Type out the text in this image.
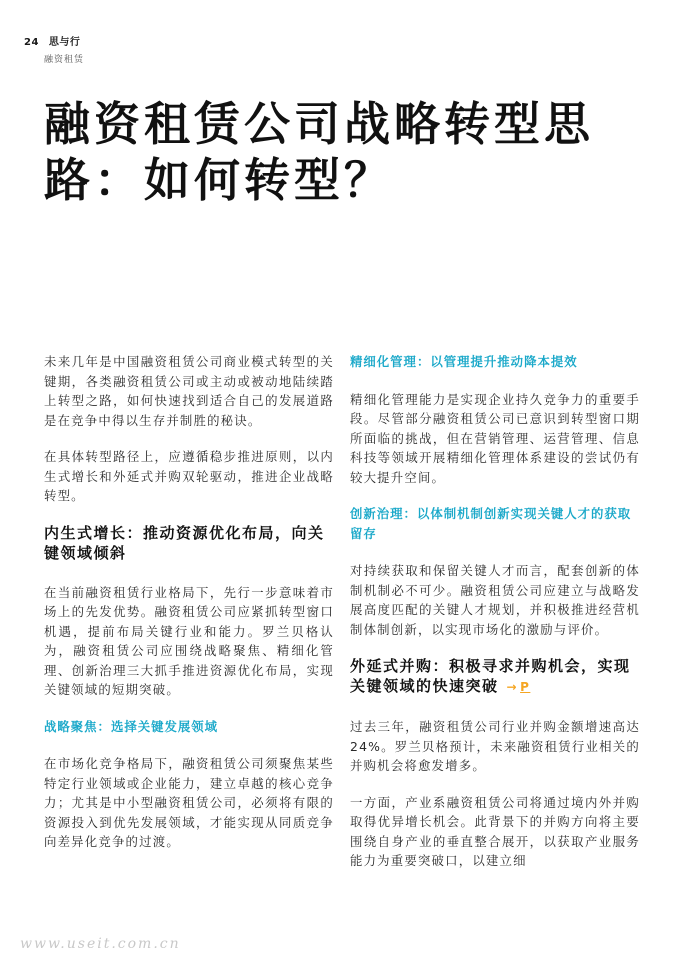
24 思与行
融资租赁
融资租赁公司战略转型思路：如何转型？

未来几年是中国融资租赁公司商业模式转型的关键期，各类融资租赁公司或主动或被动地陆续踏上转型之路，如何快速找到适合自己的发展道路是在竞争中得以生存并制胜的秘诀。

在具体转型路径上，应遵循稳步推进原则，以内生式增长和外延式并购双轮驱动，推进企业战略转型。

内生式增长：推动资源优化布局，向关键领域倾斜

在当前融资租赁行业格局下，先行一步意味着市场上的先发优势。融资租赁公司应紧抓转型窗口机遇，提前布局关键行业和能力。罗兰贝格认为，融资租赁公司应围绕战略聚焦、精细化管理、创新治理三大抓手推进资源优化布局，实现关键领域的短期突破。

战略聚焦：选择关键发展领域

在市场化竞争格局下，融资租赁公司须聚焦某些特定行业领域或企业能力，建立卓越的核心竞争力；尤其是中小型融资租赁公司，必须将有限的资源投入到优先发展领域，才能实现从同质竞争向差异化竞争的过渡。

精细化管理：以管理提升推动降本提效

精细化管理能力是实现企业持久竞争力的重要手段。尽管部分融资租赁公司已意识到转型窗口期所面临的挑战，但在营销管理、运营管理、信息科技等领域开展精细化管理体系建设的尝试仍有较大提升空间。

创新治理：以体制机制创新实现关键人才的获取留存

对持续获取和保留关键人才而言，配套创新的体制机制必不可少。融资租赁公司应建立与战略发展高度匹配的关键人才规划，并积极推进经营机制体制创新，以实现市场化的激励与评价。

外延式并购：积极寻求并购机会，实现关键领域的快速突破 → P

过去三年，融资租赁公司行业并购金额增速高达24%。罗兰贝格预计，未来融资租赁行业相关的并购机会将愈发增多。

一方面，产业系融资租赁公司将通过境内外并购取得优异增长机会。此背景下的并购方向将主要围绕自身产业的垂直整合展开，以获取产业服务能力为重要突破口，以建立细

www.useit.com.cn
